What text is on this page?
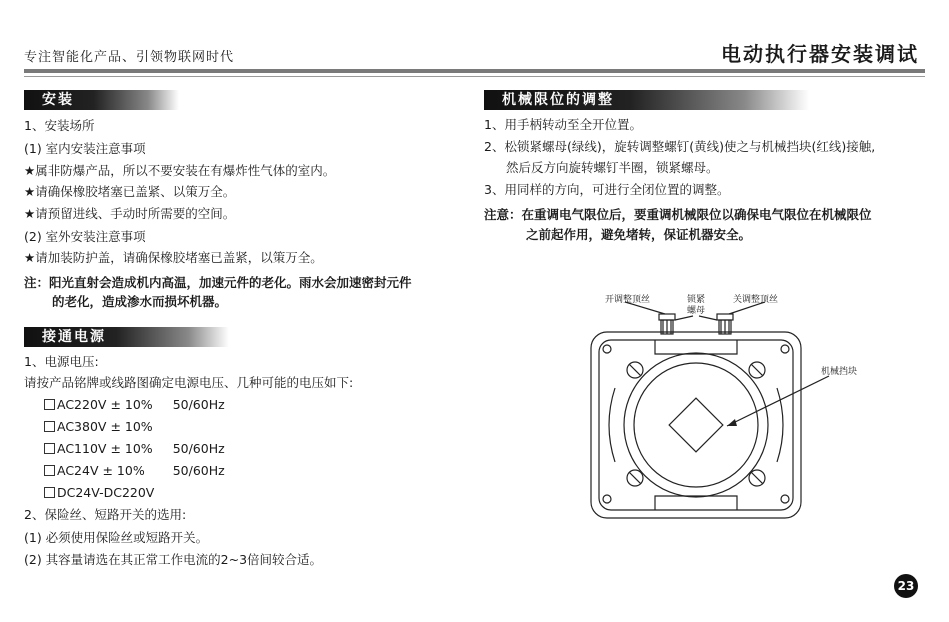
专注智能化产品、引领物联网时代	电动执行器安装调试
安装
1、安装场所
(1) 室内安装注意事项
★属非防爆产品，所以不要安装在有爆炸性气体的室内。
★请确保橡胶堵塞已盖紧、以策万全。
★请预留进线、手动时所需要的空间。
(2) 室外安装注意事项
★请加装防护盖，请确保橡胶堵塞已盖紧，以策万全。
注：阳光直射会造成机内高温，加速元件的老化。雨水会加速密封元件
的老化，造成渗水而损坏机器。
接通电源
1、电源电压:
请按产品铭牌或线路图确定电源电压、几种可能的电压如下:
AC220V ± 10% 50/60Hz
AC380V ± 10%
AC110V ± 10% 50/60Hz
AC24V ± 10% 50/60Hz
DC24V-DC220V
2、保险丝、短路开关的选用:
(1) 必须使用保险丝或短路开关。
(2) 其容量请选在其正常工作电流的2~3倍间较合适。
机械限位的调整
1、用手柄转动至全开位置。
2、松锁紧螺母(绿线)，旋转调整螺钉(黄线)使之与机械挡块(红线)接触,
然后反方向旋转螺钉半圈，锁紧螺母。
3、用同样的方向，可进行全闭位置的调整。
注意：在重调电气限位后，要重调机械限位以确保电气限位在机械限位
之前起作用，避免堵转，保证机器安全。
开调整顶丝	锁紧
螺母
关调整顶丝
机械挡块
23
